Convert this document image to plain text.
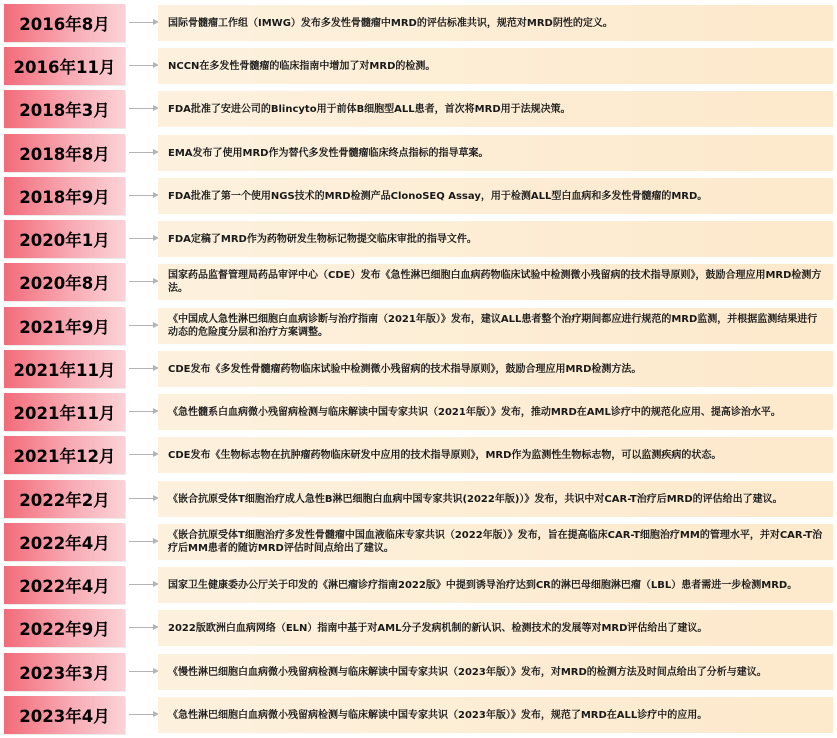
2016年8月	国际骨髓瘤工作组（IMWG）发布多发性骨髓瘤中MRD的评估标准共识，规范对MRD阴性的定义。
2016年11月	NCCN在多发性骨髓瘤的临床指南中增加了对MRD的检测。
2018年3月	FDA批准了安进公司的Blincyto用于前体B细胞型ALL患者，首次将MRD用于法规决策。
2018年8月	EMA发布了使用MRD作为替代多发性骨髓瘤临床终点指标的指导草案。
2018年9月	FDA批准了第一个使用NGS技术的MRD检测产品ClonoSEQ Assay，用于检测ALL型白血病和多发性骨髓瘤的MRD。
2020年1月	FDA定稿了MRD作为药物研发生物标记物提交临床审批的指导文件。
2020年8月	国家药品监督管理局药品审评中心（CDE）发布《急性淋巴细胞白血病药物临床试验中检测微小残留病的技术指导原则》，鼓励合理应用MRD检测方法。
2021年9月	《中国成人急性淋巴细胞白血病诊断与治疗指南（2021年版）》发布，建议ALL患者整个治疗期间都应进行规范的MRD监测，并根据监测结果进行动态的危险度分层和治疗方案调整。
2021年11月	CDE发布《多发性骨髓瘤药物临床试验中检测微小残留病的技术指导原则》，鼓励合理应用MRD检测方法。
2021年11月	《急性髓系白血病微小残留病检测与临床解读中国专家共识（2021年版）》发布，推动MRD在AML诊疗中的规范化应用、提高诊治水平。
2021年12月	CDE发布《生物标志物在抗肿瘤药物临床研发中应用的技术指导原则》，MRD作为监测性生物标志物，可以监测疾病的状态。
2022年2月	《嵌合抗原受体T细胞治疗成人急性B淋巴细胞白血病中国专家共识(2022年版)）》发布，共识中对CAR-T治疗后MRD的评估给出了建议。
2022年4月	《嵌合抗原受体T细胞治疗多发性骨髓瘤中国血液临床专家共识（2022年版）》发布，旨在提高临床CAR-T细胞治疗MM的管理水平，并对CAR-T治疗后MM患者的随访MRD评估时间点给出了建议。
2022年4月	国家卫生健康委办公厅关于印发的《淋巴瘤诊疗指南2022版》中提到诱导治疗达到CR的淋巴母细胞淋巴瘤（LBL）患者需进一步检测MRD。
2022年9月	2022版欧洲白血病网络（ELN）指南中基于对AML分子发病机制的新认识、检测技术的发展等对MRD评估给出了建议。
2023年3月	《慢性淋巴细胞白血病微小残留病检测与临床解读中国专家共识（2023年版）》发布，对MRD的检测方法及时间点给出了分析与建议。
2023年4月	《急性淋巴细胞白血病微小残留病检测与临床解读中国专家共识（2023年版）》发布，规范了MRD在ALL诊疗中的应用。
